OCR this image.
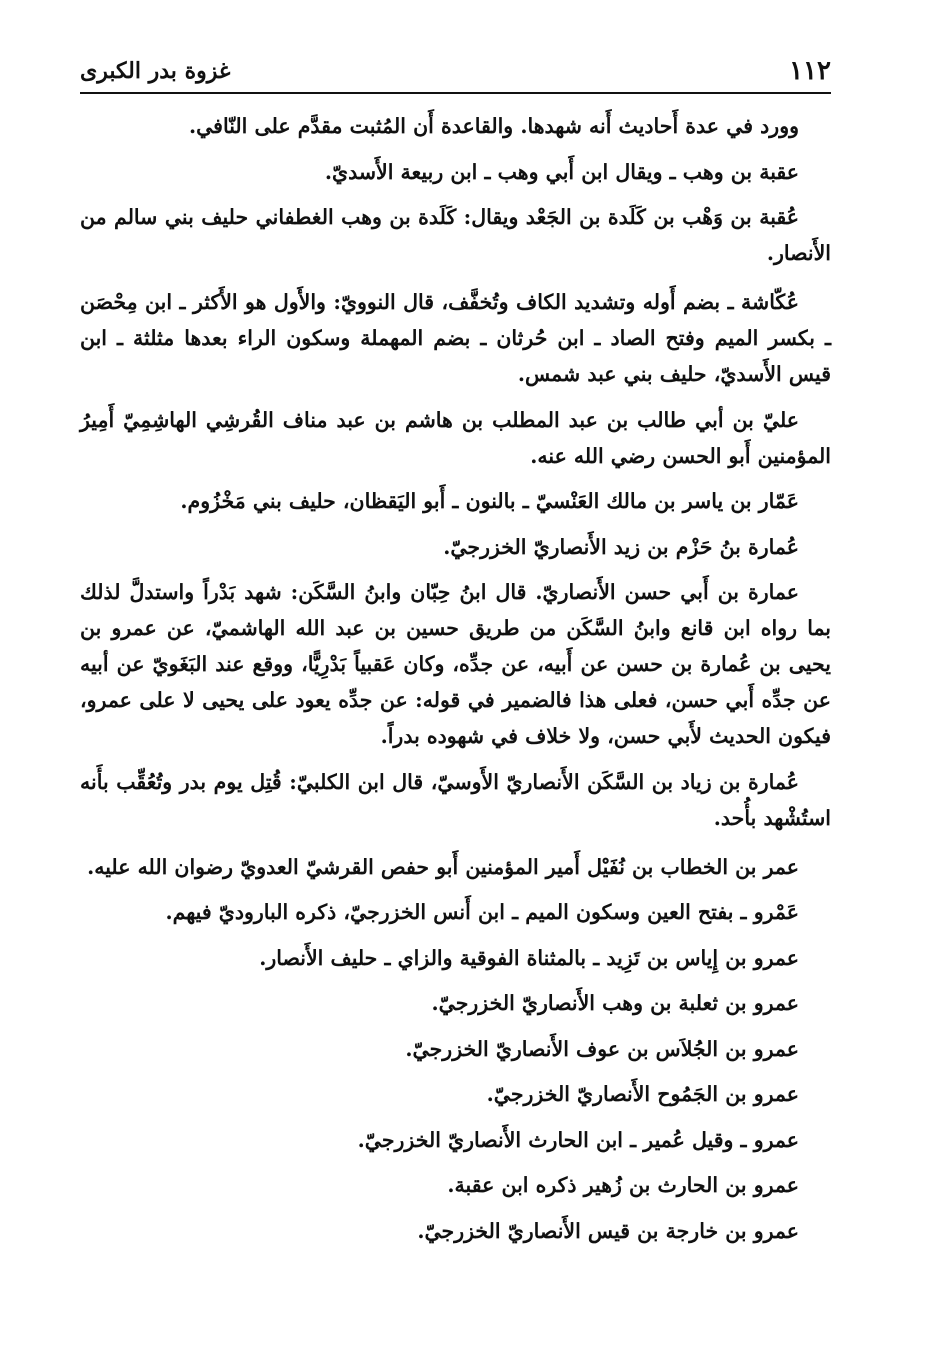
١١٢
غزوة بدر الكبرى

وورد في عدة أَحاديث أَنه شهدها. والقاعدة أَن المُثبت مقدَّم على النّافي.

عقبة بن وهب ـ ويقال ابن أَبي وهب ـ ابن ربيعة الأَسديّ.

عُقبة بن وَهْب بن كَلَدة بن الجَعْد ويقال: كَلَدة بن وهب الغطفاني حليف بني سالم من الأَنصار.

عُكّاشة ـ بضم أَوله وتشديد الكاف وتُخفَّف، قال النوويّ: والأَول هو الأَكثر ـ ابن مِحْصَن ـ بكسر الميم وفتح الصاد ـ ابن حُرثان ـ بضم المهملة وسكون الراء بعدها مثلثة ـ ابن قيس الأَسديّ، حليف بني عبد شمس.

عليّ بن أبي طالب بن عبد المطلب بن هاشم بن عبد مناف القُرشِي الهاشِمِيّ أَمِيرُ المؤمنين أَبو الحسن رضي الله عنه.

عَمّار بن ياسر بن مالك العَنْسيّ ـ بالنون ـ أَبو اليَقظان، حليف بني مَخْزُوم.

عُمارة بنُ حَزْم بن زيد الأَنصاريّ الخزرجيّ.

عمارة بن أَبي حسن الأَنصاريّ. قال ابنُ حِبّان وابنُ السَّكَن: شهد بَدْراً واستدلَّ لذلك بما رواه ابن قانع وابنُ السَّكَن من طريق حسين بن عبد الله الهاشميّ، عن عمرو بن يحيى بن عُمارة بن حسن عن أَبيه، عن جدِّه، وكان عَقبياً بَدْرِيًّا، ووقع عند البَغَويّ عن أبيه عن جدِّه أَبي حسن، فعلى هذا فالضمير في قوله: عن جدِّه يعود على يحيى لا على عمرو، فيكون الحديث لأَبي حسن، ولا خلاف في شهوده بدراً.

عُمارة بن زياد بن السَّكَن الأَنصاريّ الأَوسيّ، قال ابن الكلبيّ: قُتِل يوم بدر وتُعُقِّب بأَنه استُشْهد بأُحد.

عمر بن الخطاب بن نُفَيْل أَمير المؤمنين أَبو حفص القرشيّ العدويّ رضوان الله عليه.

عَمْرو ـ بفتح العين وسكون الميم ـ ابن أَنس الخزرجيّ، ذكره الباروديّ فيهم.

عمرو بن إِياس بن تَزِيد ـ بالمثناة الفوقية والزاي ـ حليف الأَنصار.

عمرو بن ثعلبة بن وهب الأَنصاريّ الخزرجيّ.

عمرو بن الجُلاَس بن عوف الأَنصاريّ الخزرجيّ.

عمرو بن الجَمُوح الأَنصاريّ الخزرجيّ.

عمرو ـ وقيل عُمير ـ ابن الحارث الأَنصاريّ الخزرجيّ.

عمرو بن الحارث بن زُهير ذكره ابن عقبة.

عمرو بن خارجة بن قيس الأَنصاريّ الخزرجيّ.
